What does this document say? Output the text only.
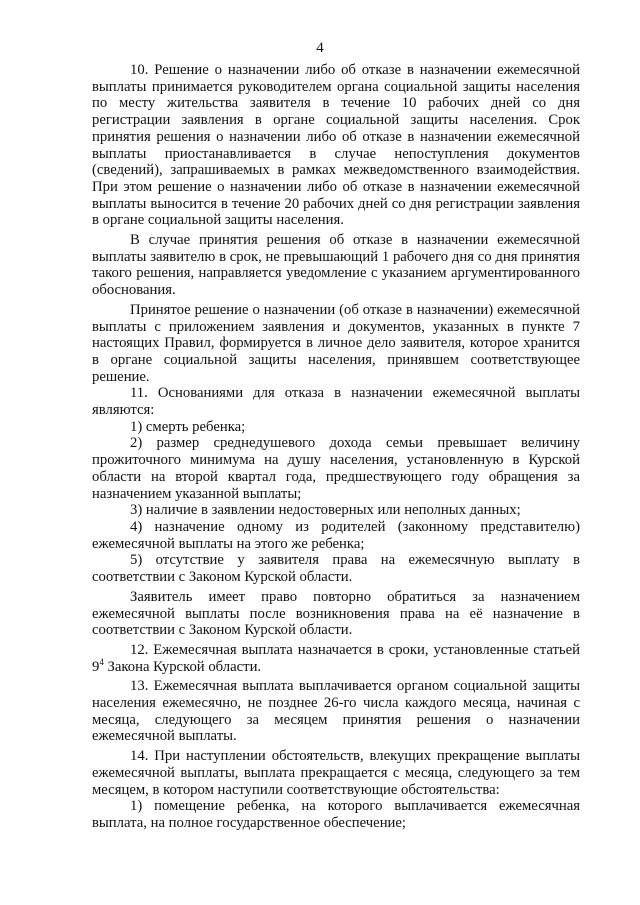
4

10. Решение о назначении либо об отказе в назначении ежемесячной выплаты принимается руководителем органа социальной защиты населения по месту жительства заявителя в течение 10 рабочих дней со дня регистрации заявления в органе социальной защиты населения. Срок принятия решения о назначении либо об отказе в назначении ежемесячной выплаты приостанавливается в случае непоступления документов (сведений), запрашиваемых в рамках межведомственного взаимодействия. При этом решение о назначении либо об отказе в назначении ежемесячной выплаты выносится в течение 20 рабочих дней со дня регистрации заявления в органе социальной защиты населения.

В случае принятия решения об отказе в назначении ежемесячной выплаты заявителю в срок, не превышающий 1 рабочего дня со дня принятия такого решения, направляется уведомление с указанием аргументированного обоснования.

Принятое решение о назначении (об отказе в назначении) ежемесячной выплаты с приложением заявления и документов, указанных в пункте 7 настоящих Правил, формируется в личное дело заявителя, которое хранится в органе социальной защиты населения, принявшем соответствующее решение.

11. Основаниями для отказа в назначении ежемесячной выплаты являются:

1) смерть ребенка;

2) размер среднедушевого дохода семьи превышает величину прожиточного минимума на душу населения, установленную в Курской области на второй квартал года, предшествующего году обращения за назначением указанной выплаты;

3) наличие в заявлении недостоверных или неполных данных;

4) назначение одному из родителей (законному представителю) ежемесячной выплаты на этого же ребенка;

5) отсутствие у заявителя права на ежемесячную выплату в соответствии с Законом Курской области.

Заявитель имеет право повторно обратиться за назначением ежемесячной выплаты после возникновения права на её назначение в соответствии с Законом Курской области.

12. Ежемесячная выплата назначается в сроки, установленные статьей $9^4$ Закона Курской области.

13. Ежемесячная выплата выплачивается органом социальной защиты населения ежемесячно, не позднее 26-го числа каждого месяца, начиная с месяца, следующего за месяцем принятия решения о назначении ежемесячной выплаты.

14. При наступлении обстоятельств, влекущих прекращение выплаты ежемесячной выплаты, выплата прекращается с месяца, следующего за тем месяцем, в котором наступили соответствующие обстоятельства:

1) помещение ребенка, на которого выплачивается ежемесячная выплата, на полное государственное обеспечение;
